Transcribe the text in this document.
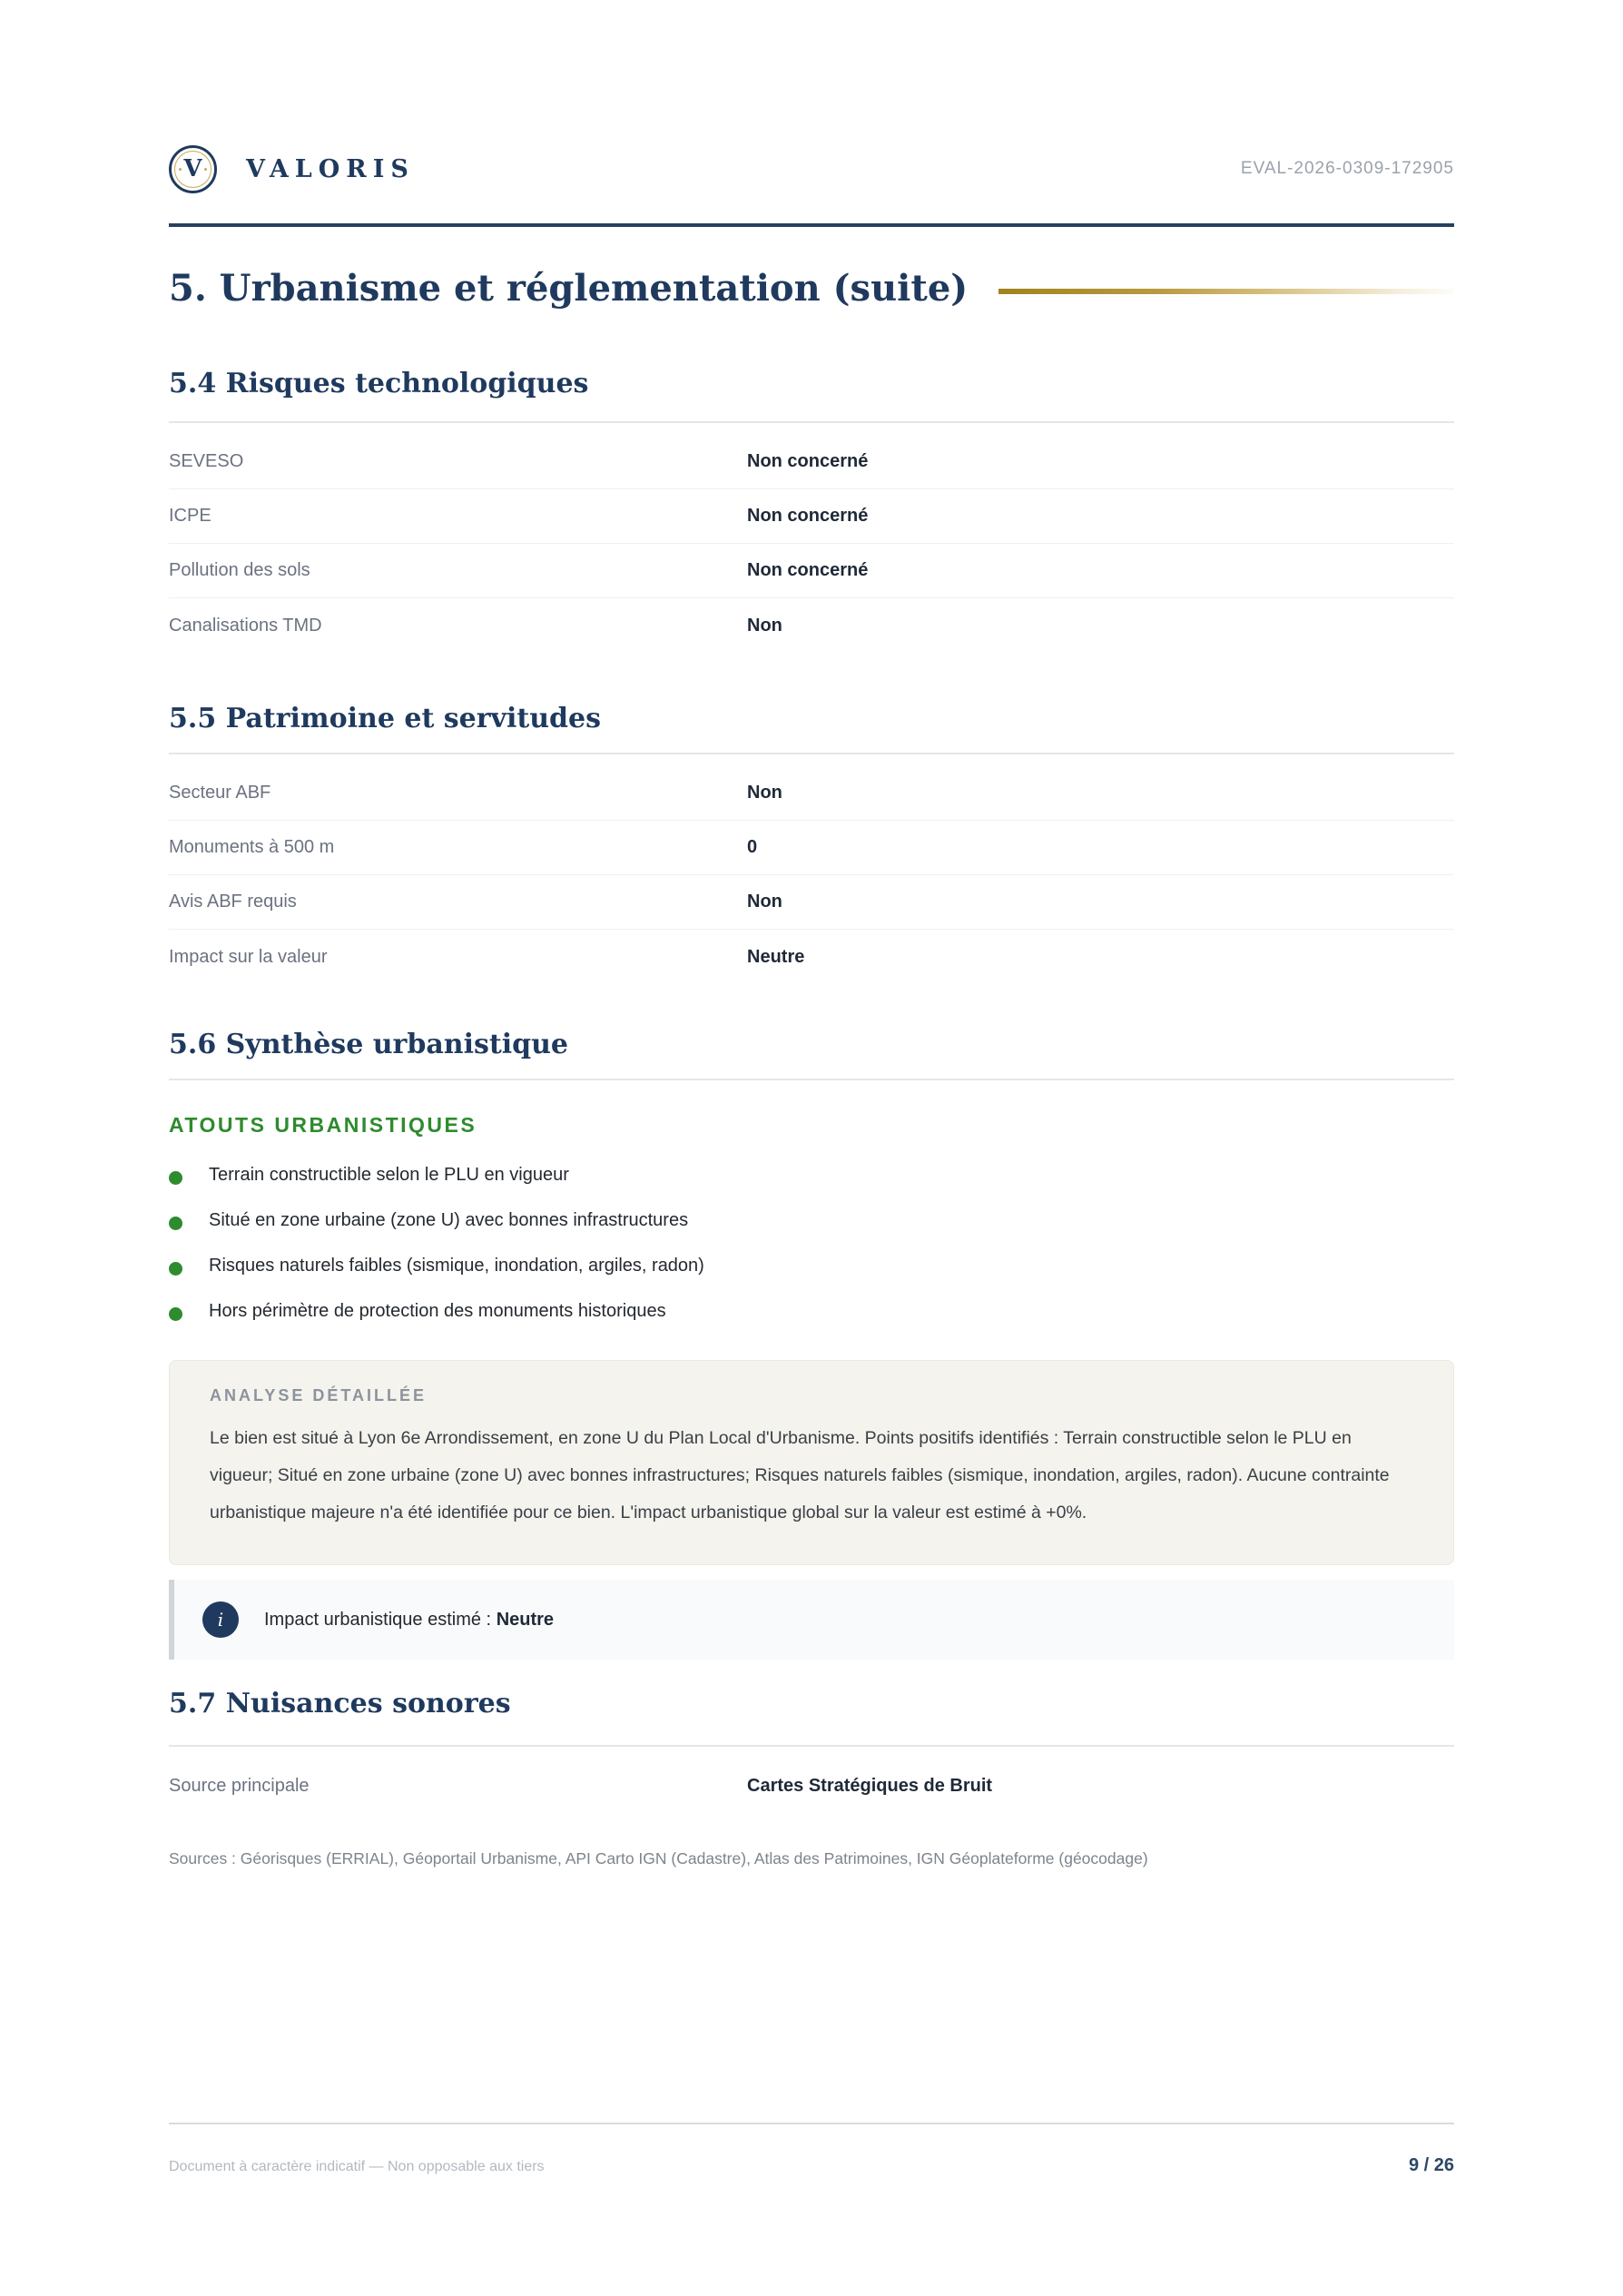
V VALORIS	EVAL-2026-0309-172905
5. Urbanisme et réglementation (suite)
5.4 Risques technologiques
SEVESO	Non concerné
ICPE	Non concerné
Pollution des sols	Non concerné
Canalisations TMD	Non
5.5 Patrimoine et servitudes
Secteur ABF	Non
Monuments à 500 m	0
Avis ABF requis	Non
Impact sur la valeur	Neutre
5.6 Synthèse urbanistique
ATOUTS URBANISTIQUES
Terrain constructible selon le PLU en vigueur
Situé en zone urbaine (zone U) avec bonnes infrastructures
Risques naturels faibles (sismique, inondation, argiles, radon)
Hors périmètre de protection des monuments historiques
ANALYSE DÉTAILLÉE

Le bien est situé à Lyon 6e Arrondissement, en zone U du Plan Local d'Urbanisme. Points positifs identifiés : Terrain constructible selon le PLU en vigueur; Situé en zone urbaine (zone U) avec bonnes infrastructures; Risques naturels faibles (sismique, inondation, argiles, radon). Aucune contrainte urbanistique majeure n'a été identifiée pour ce bien. L'impact urbanistique global sur la valeur est estimé à +0%.

i	Impact urbanistique estimé : Neutre
5.7 Nuisances sonores
Source principale	Cartes Stratégiques de Bruit

Sources : Géorisques (ERRIAL), Géoportail Urbanisme, API Carto IGN (Cadastre), Atlas des Patrimoines, IGN Géoplateforme (géocodage)

Document à caractère indicatif — Non opposable aux tiers	9 / 26
